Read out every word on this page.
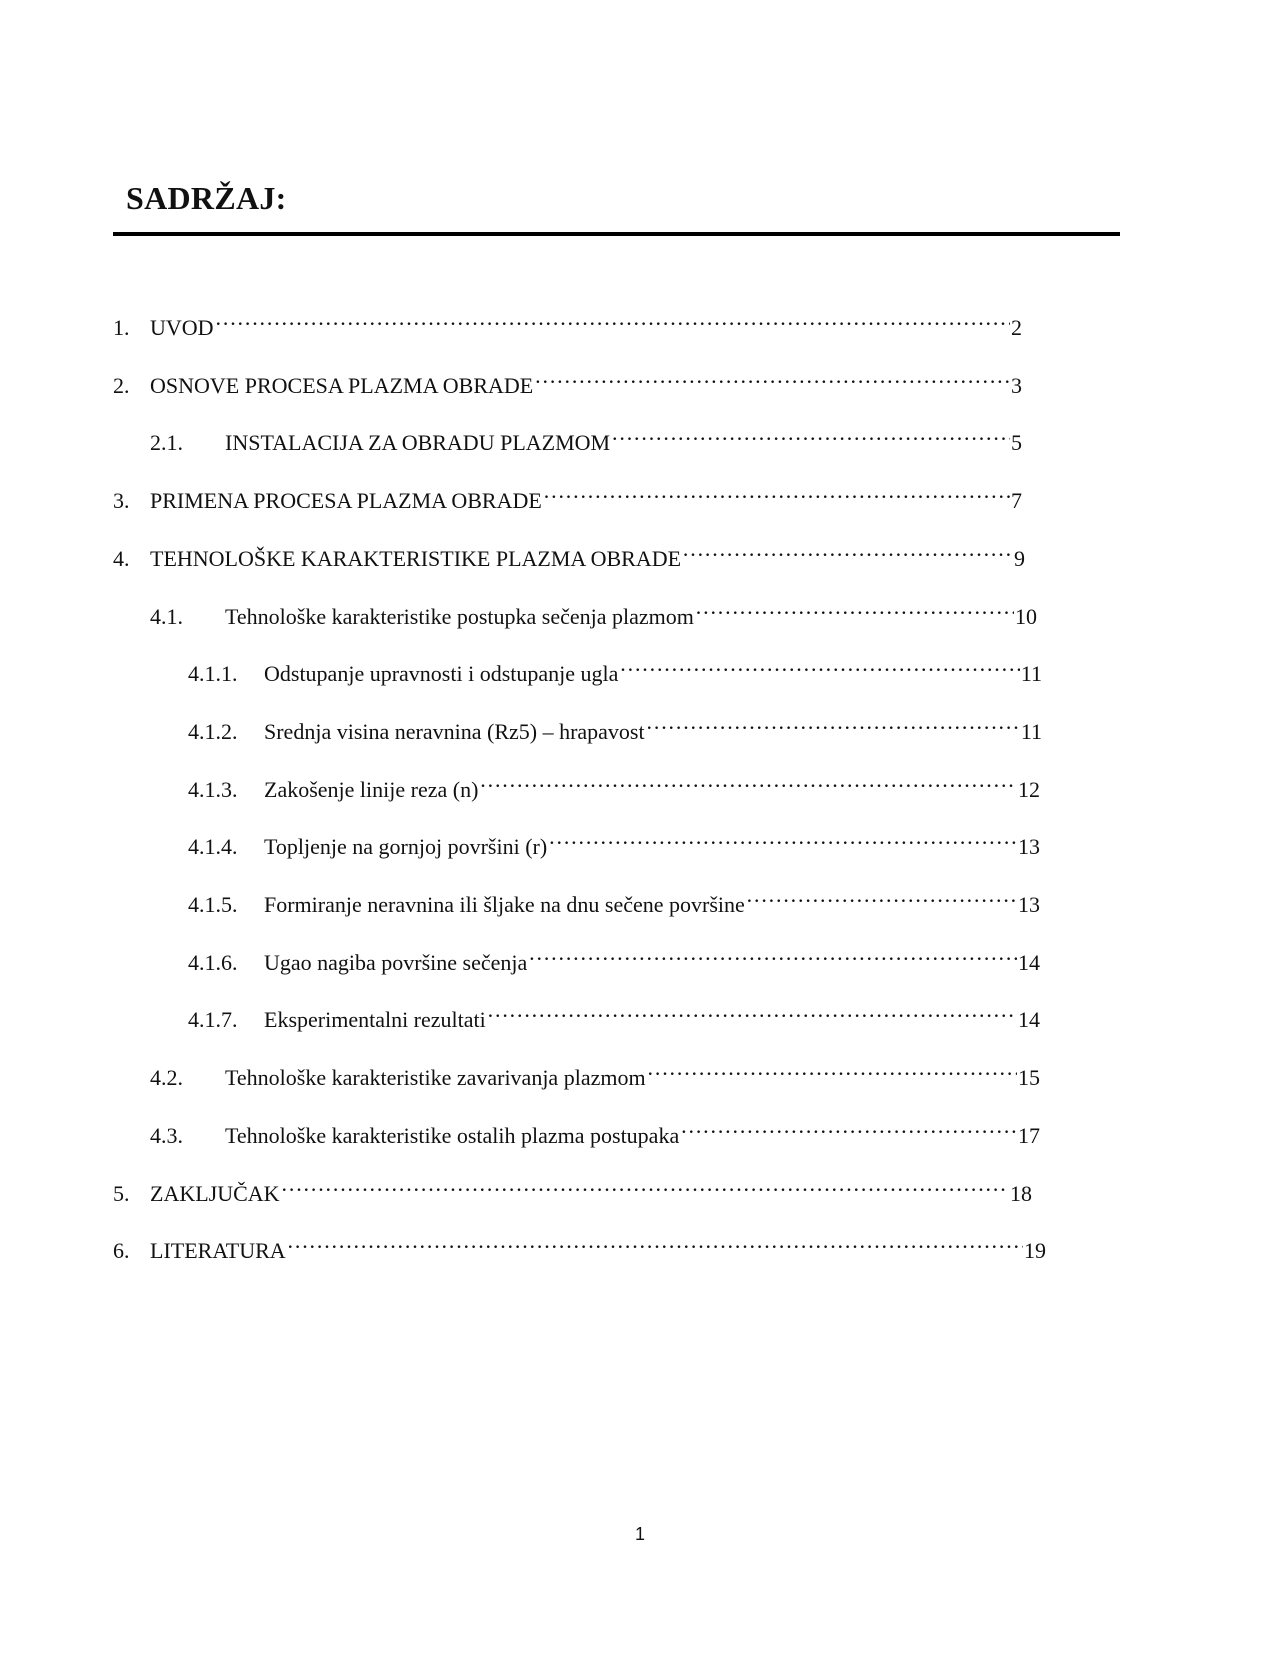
SADRŽAJ:
1. UVOD ……………………………………………………………………………………………………………………………………………………………………………………	2
2. OSNOVE PROCESA PLAZMA OBRADE ……………………………………………………………………………………………………………………………………………………………………………………	3
2.1.	INSTALACIJA ZA OBRADU PLAZMOM ……………………………………………………………………………………………………………………………………………………………………………………	5
3. PRIMENA PROCESA PLAZMA OBRADE ……………………………………………………………………………………………………………………………………………………………………………………	7
4. TEHNOLOŠKE KARAKTERISTIKE PLAZMA OBRADE ……………………………………………………………………………………………………………………………………………………………………………………	9
4.1.	Tehnološke karakteristike postupka sečenja plazmom ……………………………………………………………………………………………………………………………………………………………………………………	10
4.1.1.	Odstupanje upravnosti i odstupanje ugla ……………………………………………………………………………………………………………………………………………………………………………………	11
4.1.2.	Srednja visina neravnina (Rz5) – hrapavost ……………………………………………………………………………………………………………………………………………………………………………………	11
4.1.3.	Zakošenje linije reza (n) ……………………………………………………………………………………………………………………………………………………………………………………	12
4.1.4.	Topljenje na gornjoj površini (r) ……………………………………………………………………………………………………………………………………………………………………………………	13
4.1.5.	Formiranje neravnina ili šljake na dnu sečene površine ……………………………………………………………………………………………………………………………………………………………………………………	13
4.1.6.	Ugao nagiba površine sečenja ……………………………………………………………………………………………………………………………………………………………………………………	14
4.1.7.	Eksperimentalni rezultati ……………………………………………………………………………………………………………………………………………………………………………………	14
4.2.	Tehnološke karakteristike zavarivanja plazmom ……………………………………………………………………………………………………………………………………………………………………………………	15
4.3.	Tehnološke karakteristike ostalih plazma postupaka ……………………………………………………………………………………………………………………………………………………………………………………	17
5. ZAKLJUČAK ……………………………………………………………………………………………………………………………………………………………………………………	18
6. LITERATURA ……………………………………………………………………………………………………………………………………………………………………………………	19
1
